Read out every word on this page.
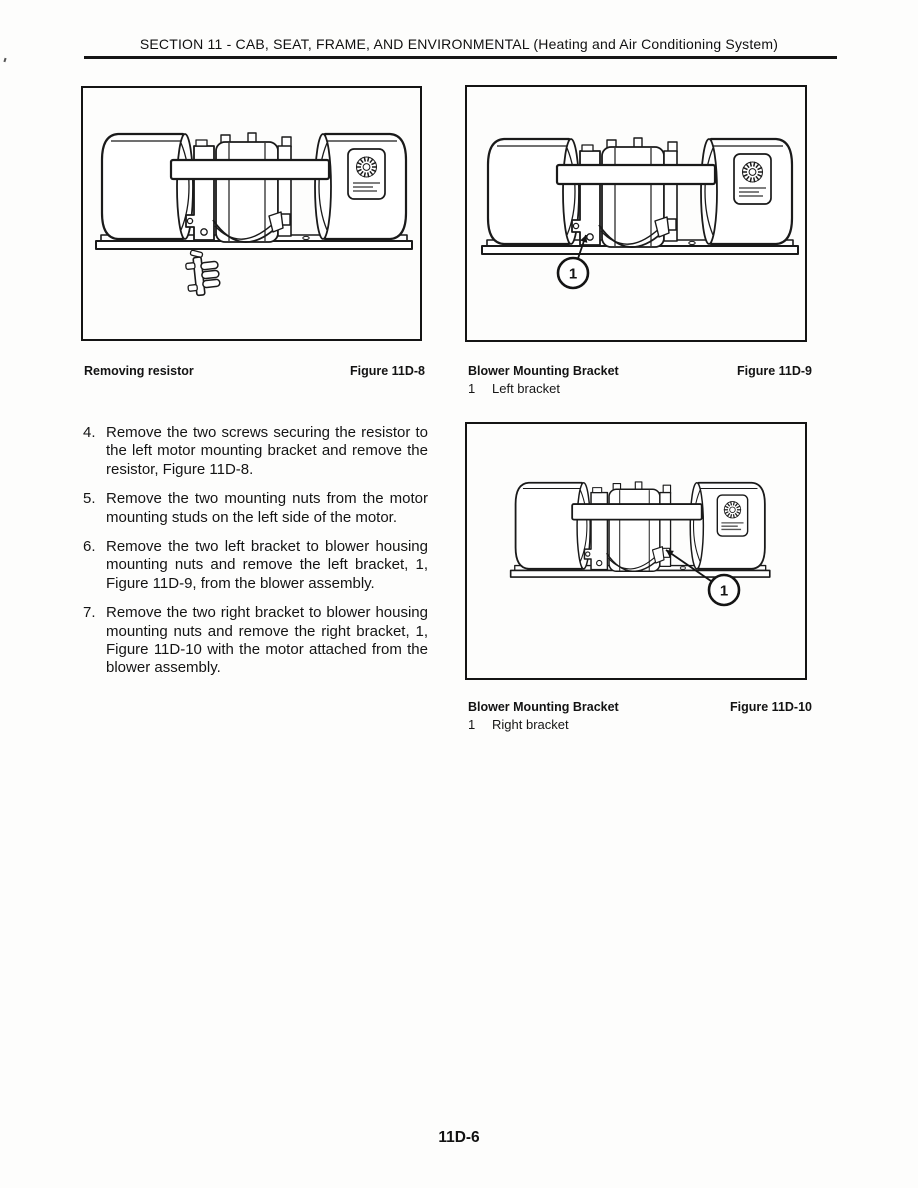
SECTION 11 - CAB, SEAT, FRAME, AND ENVIRONMENTAL (Heating and Air Conditioning System)
1
1
Removing resistor	Figure 11D-8	Blower Mounting Bracket	Figure 11D-9
1	Left bracket
Blower Mounting Bracket	Figure 11D-10
1	Right bracket
4. Remove the two screws securing the resistor to the left motor mounting bracket and remove the resistor, Figure 11D-8.
5. Remove the two mounting nuts from the motor mounting studs on the left side of the motor.
6. Remove the two left bracket to blower housing mounting nuts and remove the left bracket, 1, Figure 11D-9, from the blower assembly.
7. Remove the two right bracket to blower housing mounting nuts and remove the right bracket, 1, Figure 11D-10 with the motor attached from the blower assembly.
11D-6
